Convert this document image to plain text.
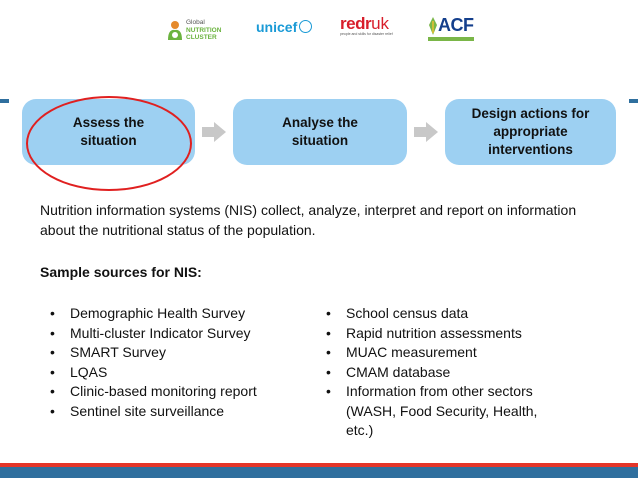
Global
NUTRITION
CLUSTER
unicef	redruk
people and skills for disaster relief	ACF
Assess the situation
Analyse the situation
Design actions for appropriate interventions
Nutrition information systems (NIS) collect, analyze, interpret and report on information about the nutritional status of the population.
Sample sources for NIS:
• Demographic Health Survey
• Multi-cluster Indicator Survey
• SMART Survey
• LQAS
• Clinic-based monitoring report
• Sentinel site surveillance
• School census data
• Rapid nutrition assessments
• MUAC measurement
• CMAM database
• Information from other sectors (WASH, Food Security, Health, etc.)
